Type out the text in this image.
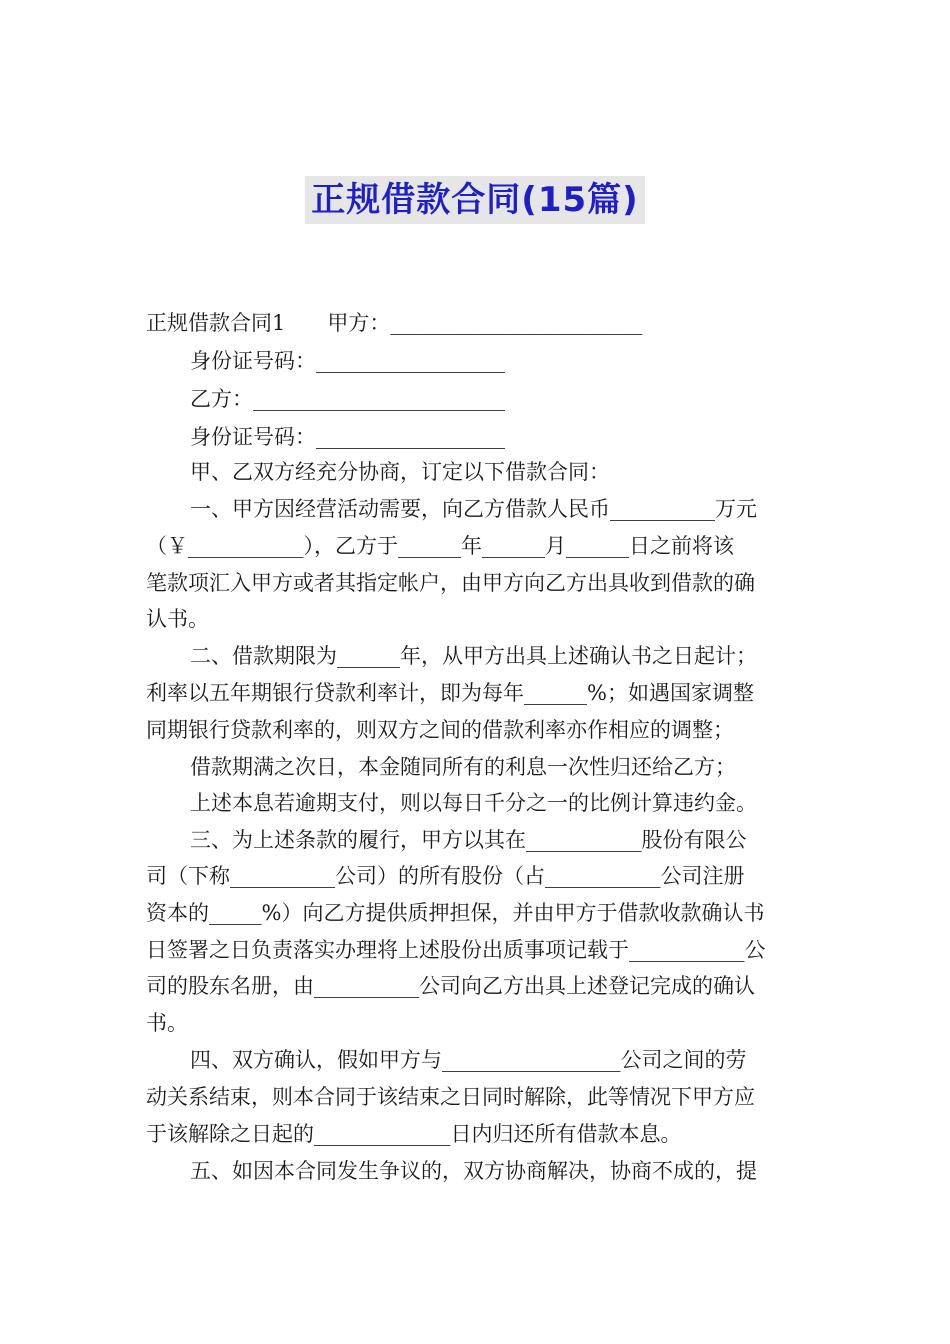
正规借款合同(15篇)
正规借款合同1　　甲方：________________________
身份证号码：__________________
乙方：________________________
身份证号码：__________________
甲、乙双方经充分协商，订定以下借款合同：
一、甲方因经营活动需要，向乙方借款人民币__________万元
（￥___________），乙方于______年______月______日之前将该
笔款项汇入甲方或者其指定帐户，由甲方向乙方出具收到借款的确
认书。
二、借款期限为______年，从甲方出具上述确认书之日起计；
利率以五年期银行贷款利率计，即为每年______%；如遇国家调整
同期银行贷款利率的，则双方之间的借款利率亦作相应的调整；
借款期满之次日，本金随同所有的利息一次性归还给乙方；
上述本息若逾期支付，则以每日千分之一的比例计算违约金。
三、为上述条款的履行，甲方以其在___________股份有限公
司（下称__________公司）的所有股份（占___________公司注册
资本的_____%）向乙方提供质押担保，并由甲方于借款收款确认书
日签署之日负责落实办理将上述股份出质事项记载于___________公
司的股东名册，由__________公司向乙方出具上述登记完成的确认
书。
四、双方确认，假如甲方与_________________公司之间的劳
动关系结束，则本合同于该结束之日同时解除，此等情况下甲方应
于该解除之日起的_____________日内归还所有借款本息。
五、如因本合同发生争议的，双方协商解决，协商不成的，提
